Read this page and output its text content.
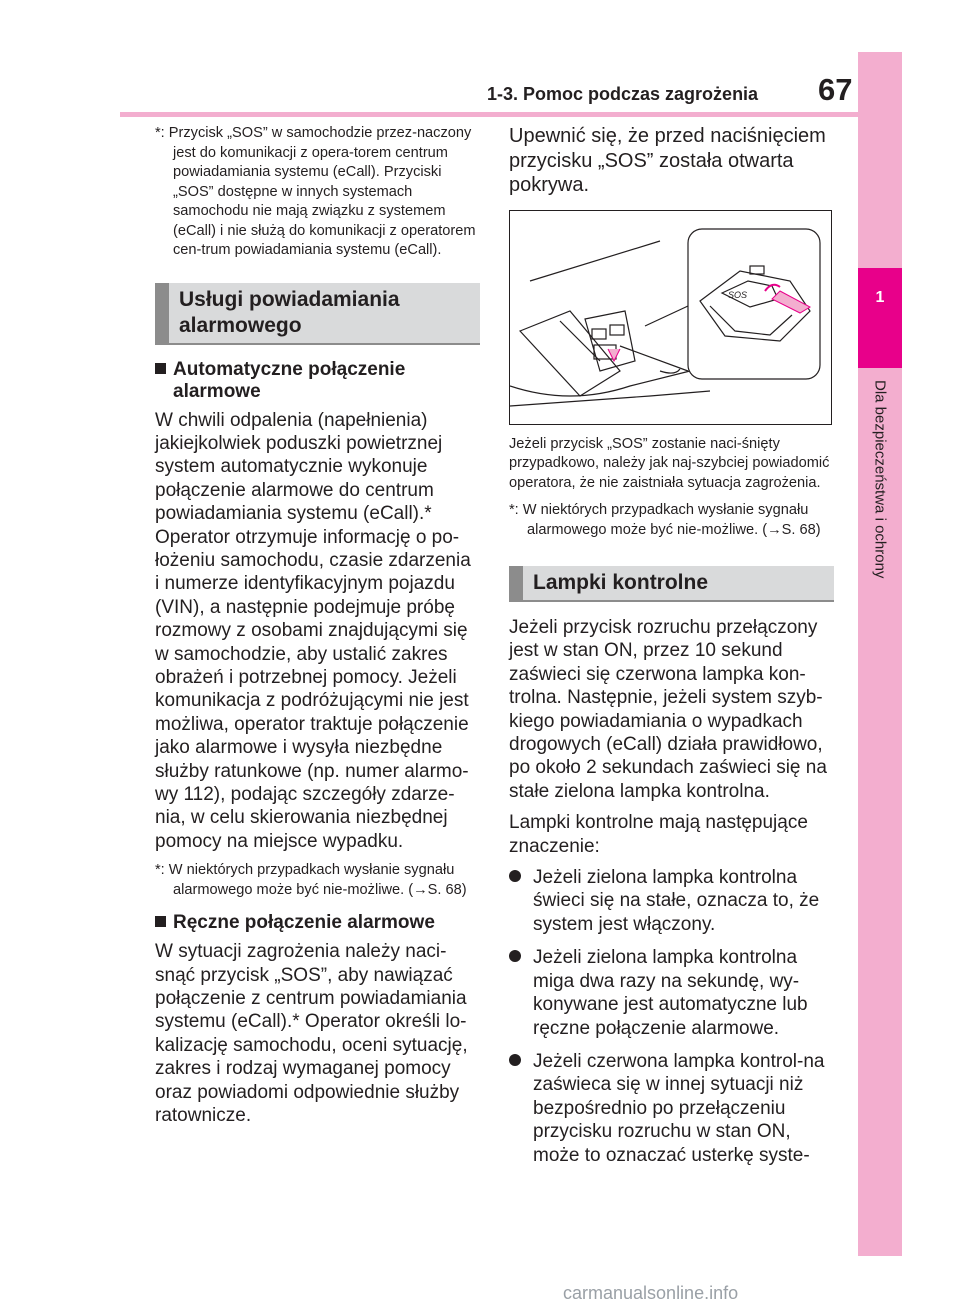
1-3. Pomoc podczas zagrożenia 67
1
Dla bezpieczeństwa i ochrony

*: Przycisk „SOS” w samochodzie przez-naczony jest do komunikacji z opera-torem centrum powiadamiania systemu (eCall). Przyciski „SOS” dostępne w innych systemach samochodu nie mają związku z systemem (eCall) i nie służą do komunikacji z operatorem cen-trum powiadamiania systemu (eCall).

Usługi powiadamiania alarmowego

Automatyczne połączenie alarmowe

W chwili odpalenia (napełnienia) jakiejkolwiek poduszki powietrznej system automatycznie wykonuje połączenie alarmowe do centrum powiadamiania systemu (eCall).* Operator otrzymuje informację o po-łożeniu samochodu, czasie zdarzenia i numerze identyfikacyjnym pojazdu (VIN), a następnie podejmuje próbę rozmowy z osobami znajdującymi się w samochodzie, aby ustalić zakres obrażeń i potrzebnej pomocy. Jeżeli komunikacja z podróżującymi nie jest możliwa, operator traktuje połączenie jako alarmowe i wysyła niezbędne służby ratunkowe (np. numer alarmo-wy 112), podając szczegóły zdarze-nia, w celu skierowania niezbędnej pomocy na miejsce wypadku.

*: W niektórych przypadkach wysłanie sygnału alarmowego może być nie-możliwe. (→S. 68)

Ręczne połączenie alarmowe

W sytuacji zagrożenia należy naci-snąć przycisk „SOS”, aby nawiązać połączenie z centrum powiadamiania systemu (eCall).* Operator określi lo-kalizację samochodu, oceni sytuację, zakres i rodzaj wymaganej pomocy oraz powiadomi odpowiednie służby ratownicze.

Upewnić się, że przed naciśnięciem przycisku „SOS” została otwarta pokrywa.

SOS

Jeżeli przycisk „SOS” zostanie naci-śnięty przypadkowo, należy jak naj-szybciej powiadomić operatora, że nie zaistniała sytuacja zagrożenia.

*: W niektórych przypadkach wysłanie sygnału alarmowego może być nie-możliwe. (→S. 68)

Lampki kontrolne

Jeżeli przycisk rozruchu przełączony jest w stan ON, przez 10 sekund zaświeci się czerwona lampka kon-trolna. Następnie, jeżeli system szyb-kiego powiadamiania o wypadkach drogowych (eCall) działa prawidłowo, po około 2 sekundach zaświeci się na stałe zielona lampka kontrolna.

Lampki kontrolne mają następujące znaczenie:

Jeżeli zielona lampka kontrolna świeci się na stałe, oznacza to, że system jest włączony.

Jeżeli zielona lampka kontrolna miga dwa razy na sekundę, wy-konywane jest automatyczne lub ręczne połączenie alarmowe.

Jeżeli czerwona lampka kontrol-na zaświeca się w innej sytuacji niż bezpośrednio po przełączeniu przycisku rozruchu w stan ON, może to oznaczać usterkę syste-

carmanualsonline.info
